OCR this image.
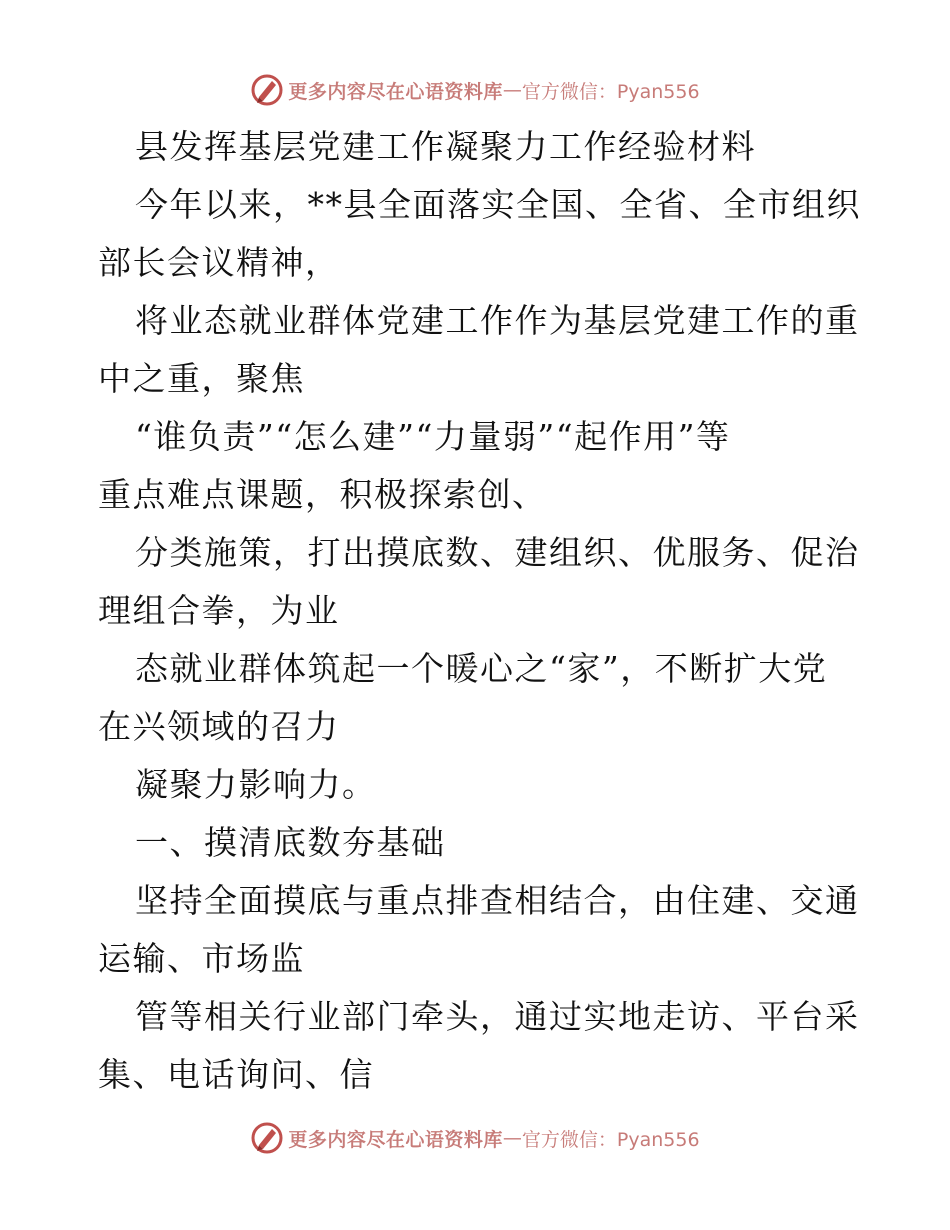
更多内容尽在心语资料库 — 官方微信：Pyan556
县发挥基层党建工作凝聚力工作经验材料
今年以来，**县全面落实全国、全省、全市组织
部长会议精神，
将业态就业群体党建工作作为基层党建工作的重
中之重，聚焦
“谁负责”“怎么建”“力量弱”“起作用”等
重点难点课题，积极探索创、
分类施策，打出摸底数、建组织、优服务、促治
理组合拳，为业
态就业群体筑起一个暖心之“家”，不断扩大党
在兴领域的召力
凝聚力影响力。
一、摸清底数夯基础
坚持全面摸底与重点排查相结合，由住建、交通
运输、市场监
管等相关行业部门牵头，通过实地走访、平台采
集、电话询问、信
更多内容尽在心语资料库 — 官方微信：Pyan556
